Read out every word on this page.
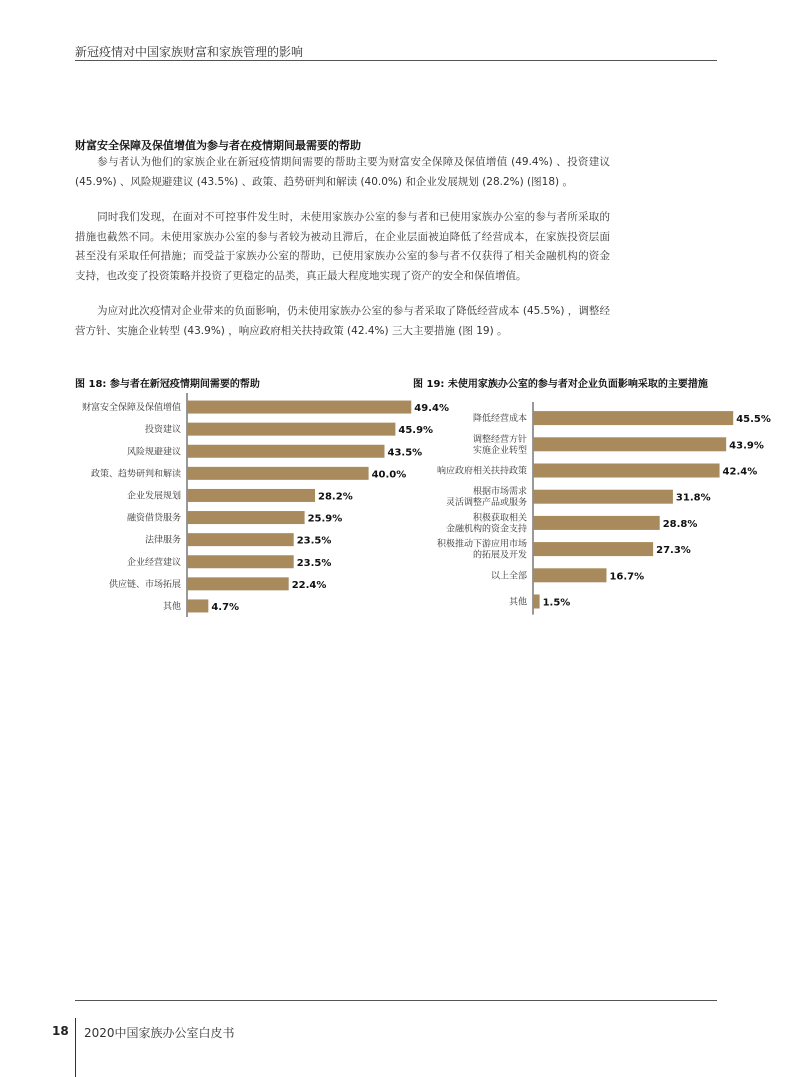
新冠疫情对中国家族财富和家族管理的影响
财富安全保障及保值增值为参与者在疫情期间最需要的帮助

参与者认为他们的家族企业在新冠疫情期间需要的帮助主要为财富安全保障及保值增值 (49.4%) 、投资建议 (45.9%) 、风险规避建议 (43.5%) 、政策、趋势研判和解读 (40.0%) 和企业发展规划 (28.2%) (图18) 。

同时我们发现，在面对不可控事件发生时，未使用家族办公室的参与者和已使用家族办公室的参与者所采取的措施也截然不同。未使用家族办公室的参与者较为被动且滞后，在企业层面被迫降低了经营成本，在家族投资层面甚至没有采取任何措施；而受益于家族办公室的帮助，已使用家族办公室的参与者不仅获得了相关金融机构的资金支持，也改变了投资策略并投资了更稳定的品类，真正最大程度地实现了资产的安全和保值增值。

为应对此次疫情对企业带来的负面影响，仍未使用家族办公室的参与者采取了降低经营成本 (45.5%) ，调整经营方针、实施企业转型 (43.9%) ，响应政府相关扶持政策 (42.4%) 三大主要措施 (图 19) 。

图 18: 参与者在新冠疫情期间需要的帮助
49.4%
财富安全保障及保值增值
45.9%
投资建议
43.5%
风险规避建议
40.0%
政策、趋势研判和解读
28.2%
企业发展规划
25.9%
融资借贷服务
23.5%
法律服务
23.5%
企业经营建议
22.4%
供应链、市场拓展
4.7%
其他
图 19: 未使用家族办公室的参与者对企业负面影响采取的主要措施
45.5%
降低经营成本
43.9%
调整经营方针实施企业转型
42.4%
响应政府相关扶持政策
31.8%
根据市场需求灵活调整产品或服务
28.8%
积极获取相关金融机构的资金支持
27.3%
积极推动下游应用市场的拓展及开发
16.7%
以上全部
1.5%
其他
18 2020中国家族办公室白皮书
